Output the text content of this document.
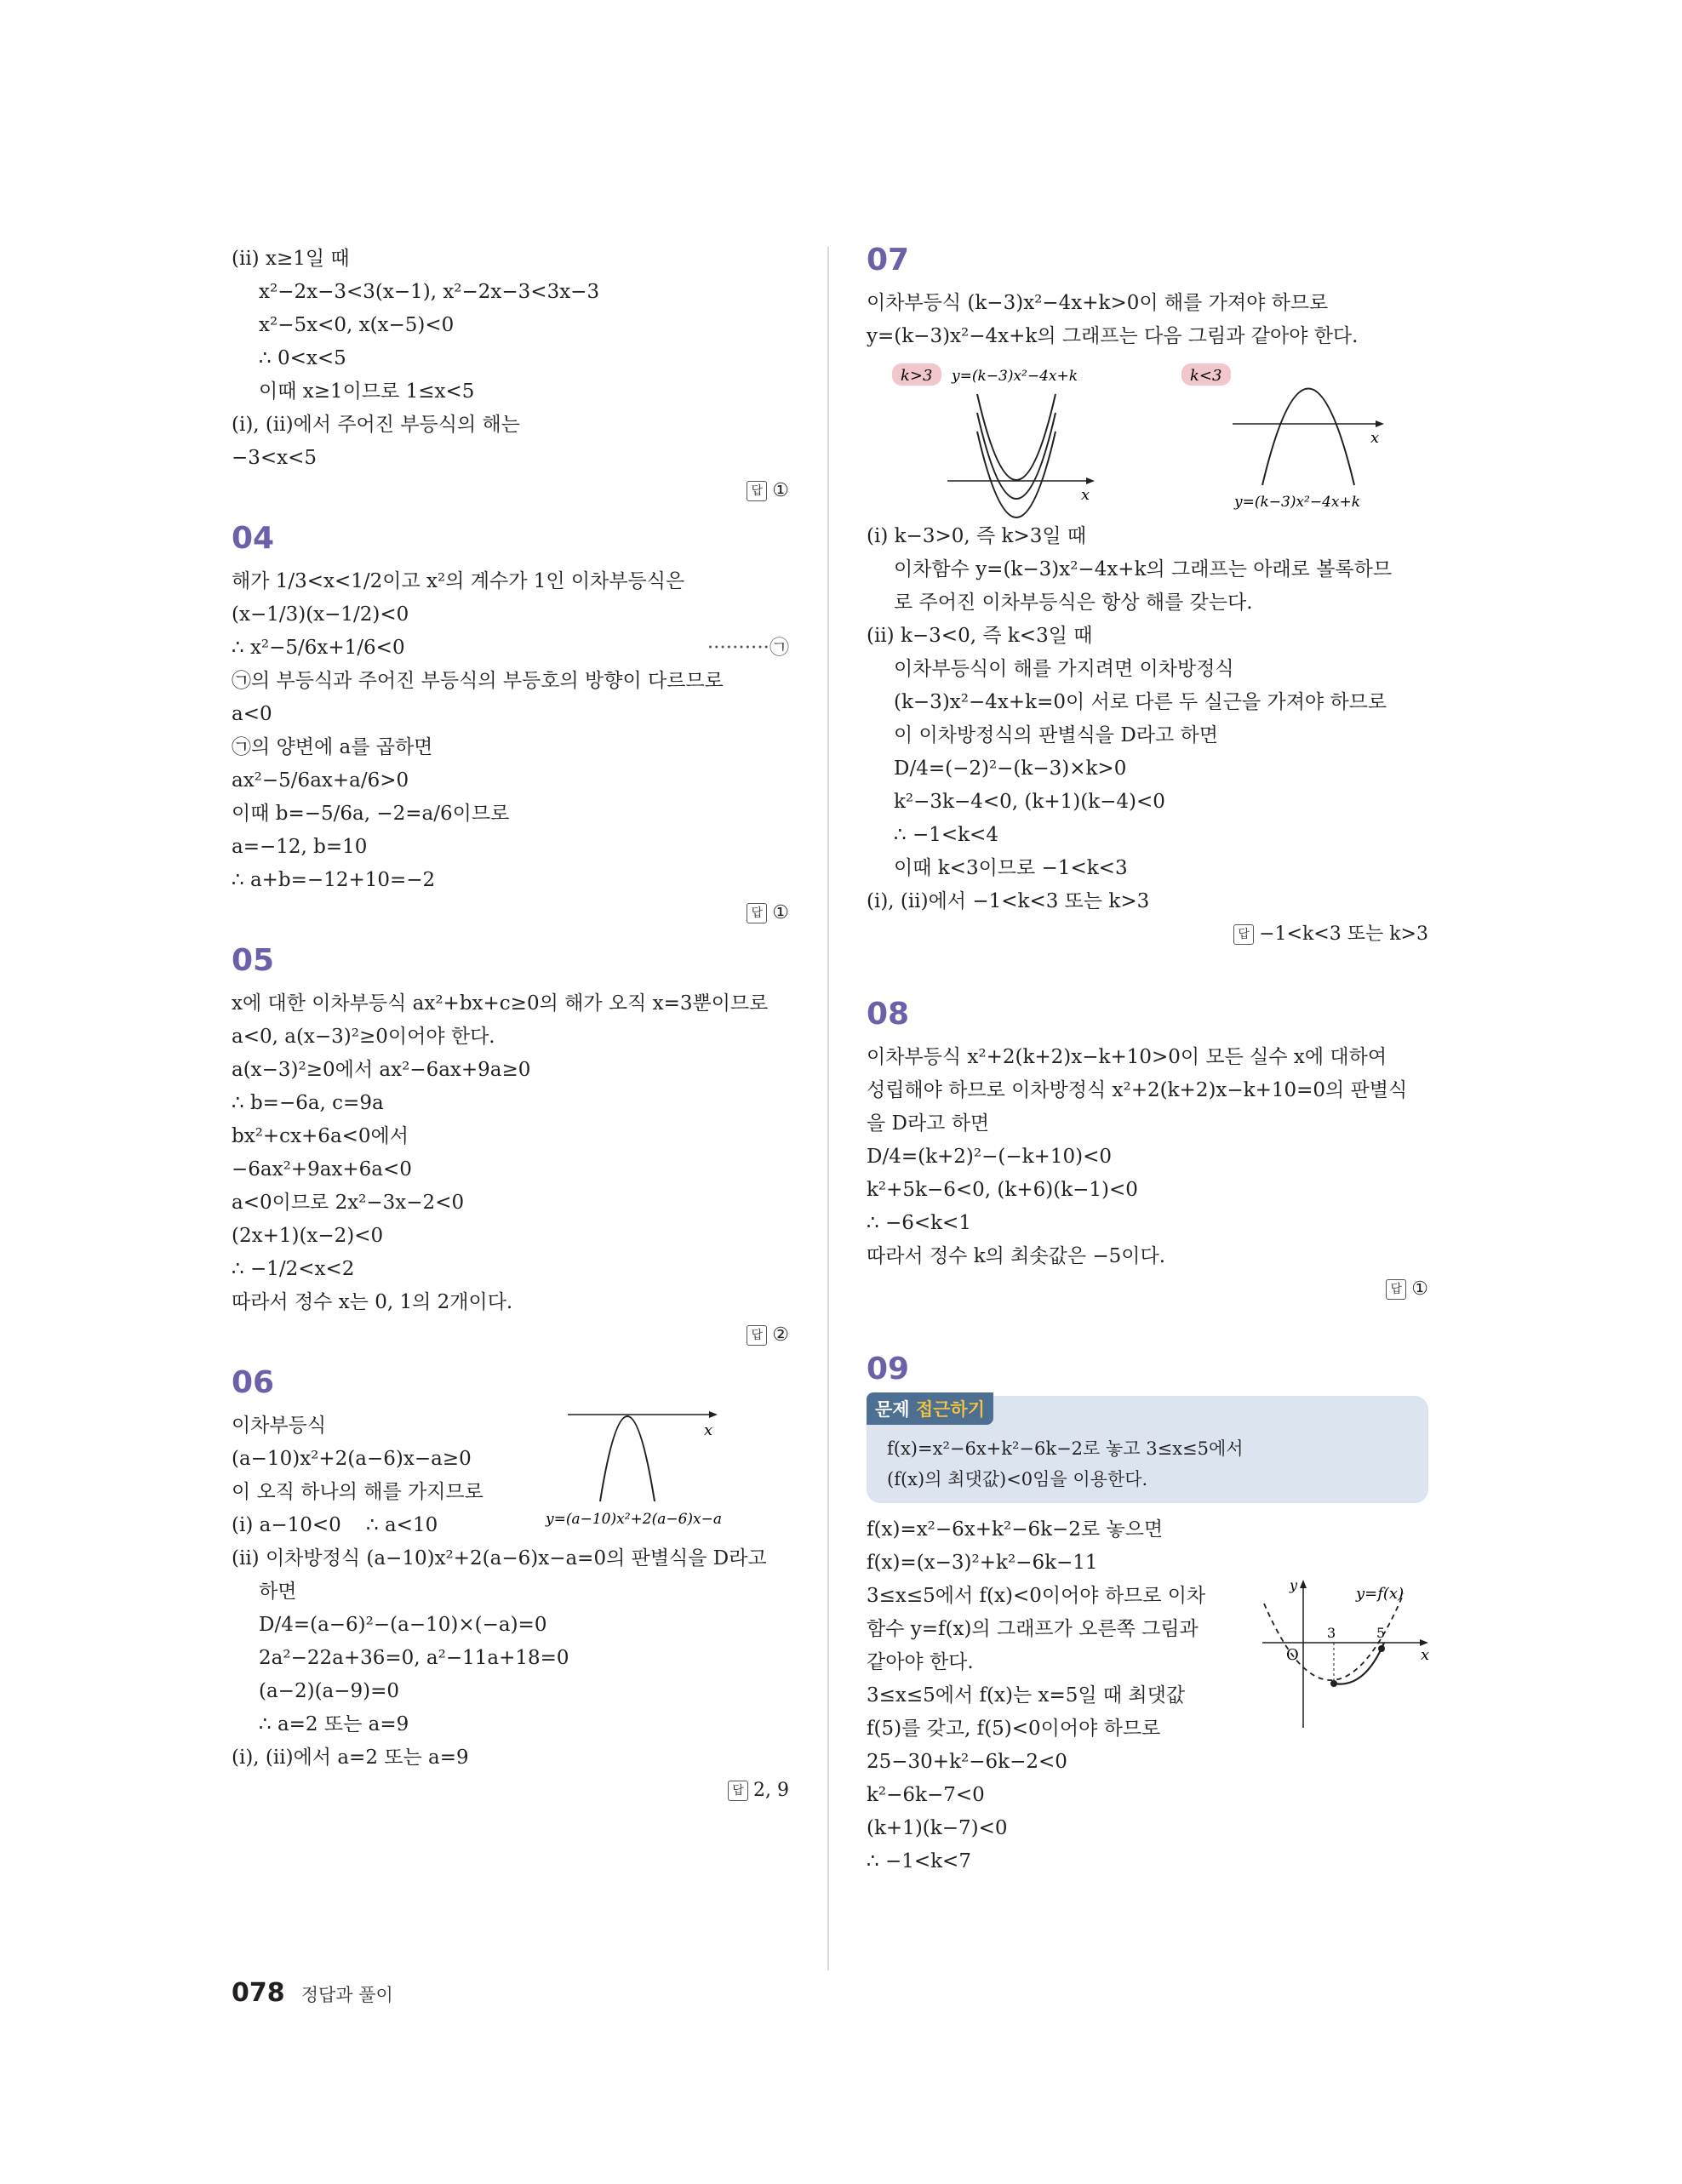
(ii) x≥1일 때
x²−2x−3<3(x−1), x²−2x−3<3x−3
x²−5x<0, x(x−5)<0
∴ 0<x<5
이때 x≥1이므로 1≤x<5
(i), (ii)에서 주어진 부등식의 해는
−3<x<5
답 ①
04
해가 1/3<x<1/2이고 x²의 계수가 1인 이차부등식은
(x−1/3)(x−1/2)<0
∴ x²−5/6x+1/6<0	··········㉠
㉠의 부등식과 주어진 부등식의 부등호의 방향이 다르므로
a<0
㉠의 양변에 a를 곱하면
ax²−5/6ax+a/6>0
이때 b=−5/6a, −2=a/6이므로
a=−12, b=10
∴ a+b=−12+10=−2
답 ①
05
x에 대한 이차부등식 ax²+bx+c≥0의 해가 오직 x=3뿐이므로
a<0, a(x−3)²≥0이어야 한다.
a(x−3)²≥0에서 ax²−6ax+9a≥0
∴ b=−6a, c=9a
bx²+cx+6a<0에서
−6ax²+9ax+6a<0
a<0이므로 2x²−3x−2<0
(2x+1)(x−2)<0
∴ −1/2<x<2
따라서 정수 x는 0, 1의 2개이다.
답 ②
06
x
y=(a−10)x²+2(a−6)x−a
이차부등식
(a−10)x²+2(a−6)x−a≥0
이 오직 하나의 해를 가지므로
(i) a−10<0    ∴ a<10
(ii) 이차방정식 (a−10)x²+2(a−6)x−a=0의 판별식을 D라고
하면
D/4=(a−6)²−(a−10)×(−a)=0
2a²−22a+36=0, a²−11a+18=0
(a−2)(a−9)=0
∴ a=2 또는 a=9
(i), (ii)에서 a=2 또는 a=9
답 2, 9
07
이차부등식 (k−3)x²−4x+k>0이 해를 가져야 하므로
y=(k−3)x²−4x+k의 그래프는 다음 그림과 같아야 한다.
k>3 y=(k−3)x²−4x+k
x
k<3
x
y=(k−3)x²−4x+k
(i) k−3>0, 즉 k>3일 때
이차함수 y=(k−3)x²−4x+k의 그래프는 아래로 볼록하므
로 주어진 이차부등식은 항상 해를 갖는다.
(ii) k−3<0, 즉 k<3일 때
이차부등식이 해를 가지려면 이차방정식
(k−3)x²−4x+k=0이 서로 다른 두 실근을 가져야 하므로
이 이차방정식의 판별식을 D라고 하면
D/4=(−2)²−(k−3)×k>0
k²−3k−4<0, (k+1)(k−4)<0
∴ −1<k<4
이때 k<3이므로 −1<k<3
(i), (ii)에서 −1<k<3 또는 k>3
답 −1<k<3 또는 k>3
08
이차부등식 x²+2(k+2)x−k+10>0이 모든 실수 x에 대하여
성립해야 하므로 이차방정식 x²+2(k+2)x−k+10=0의 판별식
을 D라고 하면
D/4=(k+2)²−(−k+10)<0
k²+5k−6<0, (k+6)(k−1)<0
∴ −6<k<1
따라서 정수 k의 최솟값은 −5이다.
답 ①
09
문제 접근하기
f(x)=x²−6x+k²−6k−2로 놓고 3≤x≤5에서
(f(x)의 최댓값)<0임을 이용한다.
y	y=f(x)
O
3	5
x
f(x)=x²−6x+k²−6k−2로 놓으면
f(x)=(x−3)²+k²−6k−11
3≤x≤5에서 f(x)<0이어야 하므로 이차
함수 y=f(x)의 그래프가 오른쪽 그림과
같아야 한다.
3≤x≤5에서 f(x)는 x=5일 때 최댓값
f(5)를 갖고, f(5)<0이어야 하므로
25−30+k²−6k−2<0
k²−6k−7<0
(k+1)(k−7)<0
∴ −1<k<7
078 정답과 풀이
